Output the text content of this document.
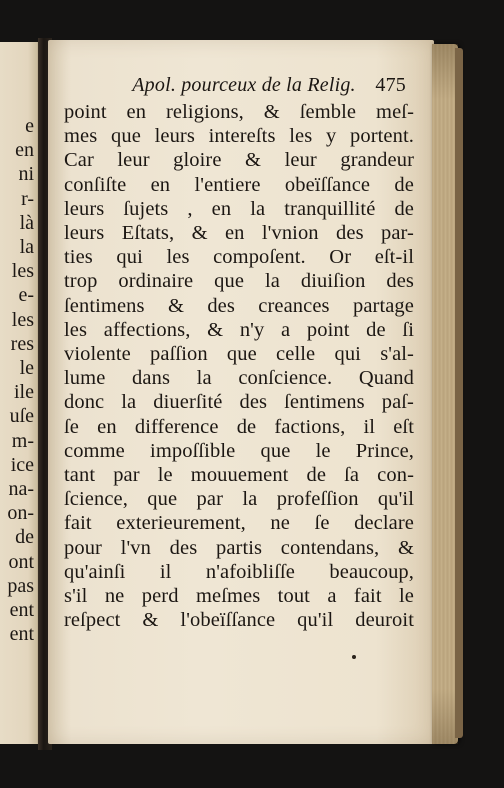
e
en
ni
r-
là
la
les
e-
les
res
le
ile
uſe
m-
ice
na-
on-
de
ont
pas
ent
ent
Apol. pourceux de la Relig. 475
point en religions, & ſemble meſ-
mes que leurs intereſts les y portent.
Car leur gloire & leur grandeur
conſiſte en l'entiere obeïſſance de
leurs ſujets , en la tranquillité de
leurs Eſtats, & en l'vnion des par-
ties qui les compoſent. Or eſt-il
trop ordinaire que la diuiſion des
ſentimens & des creances partage
les affections, & n'y a point de ſi
violente paſſion que celle qui s'al-
lume dans la conſcience. Quand
donc la diuerſité des ſentimens paſ-
ſe en difference de factions, il eſt
comme impoſſible que le Prince,
tant par le mouuement de ſa con-
ſcience, que par la profeſſion qu'il
fait exterieurement, ne ſe declare
pour l'vn des partis contendans, &
qu'ainſi il n'afoibliſſe beaucoup,
s'il ne perd meſmes tout a fait le
reſpect & l'obeïſſance qu'il deuroit
